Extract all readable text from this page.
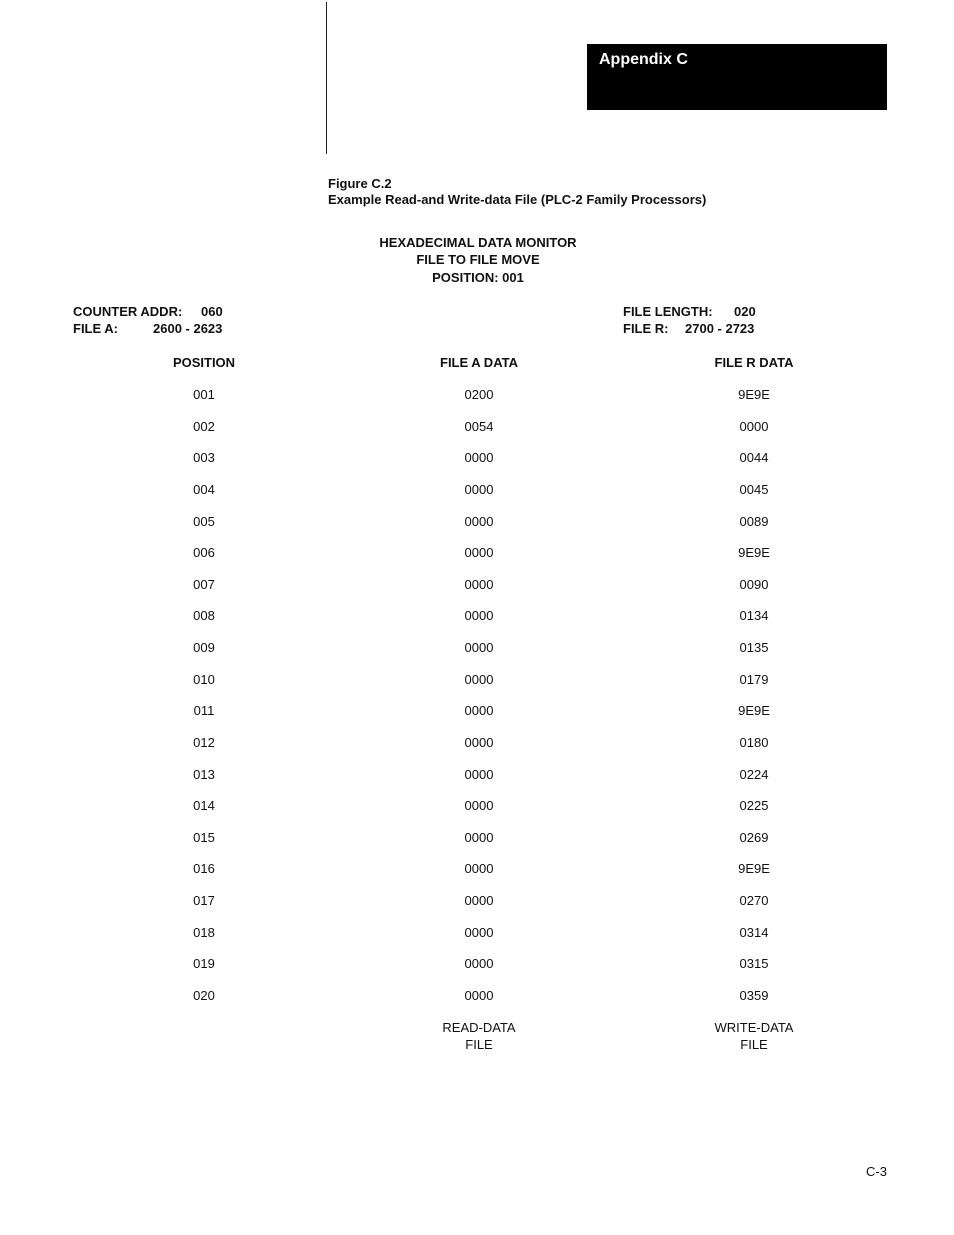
Appendix C
Figure C.2
Example Read-and Write-data File (PLC-2 Family Processors)
HEXADECIMAL DATA MONITOR
FILE TO FILE MOVE
POSITION: 001
COUNTER ADDR: 060
FILE A:	2600 - 2623
FILE LENGTH: 020
FILE R: 2700 - 2723
POSITION	FILE A DATA	FILE R DATA
001	0200	9E9E
002	0054	0000
003	0000	0044
004	0000	0045
005	0000	0089
006	0000	9E9E
007	0000	0090
008	0000	0134
009	0000	0135
010	0000	0179
011	0000	9E9E
012	0000	0180
013	0000	0224
014	0000	0225
015	0000	0269
016	0000	9E9E
017	0000	0270
018	0000	0314
019	0000	0315
020	0000	0359
READ-DATA
FILE
WRITE-DATA
FILE
C-3
